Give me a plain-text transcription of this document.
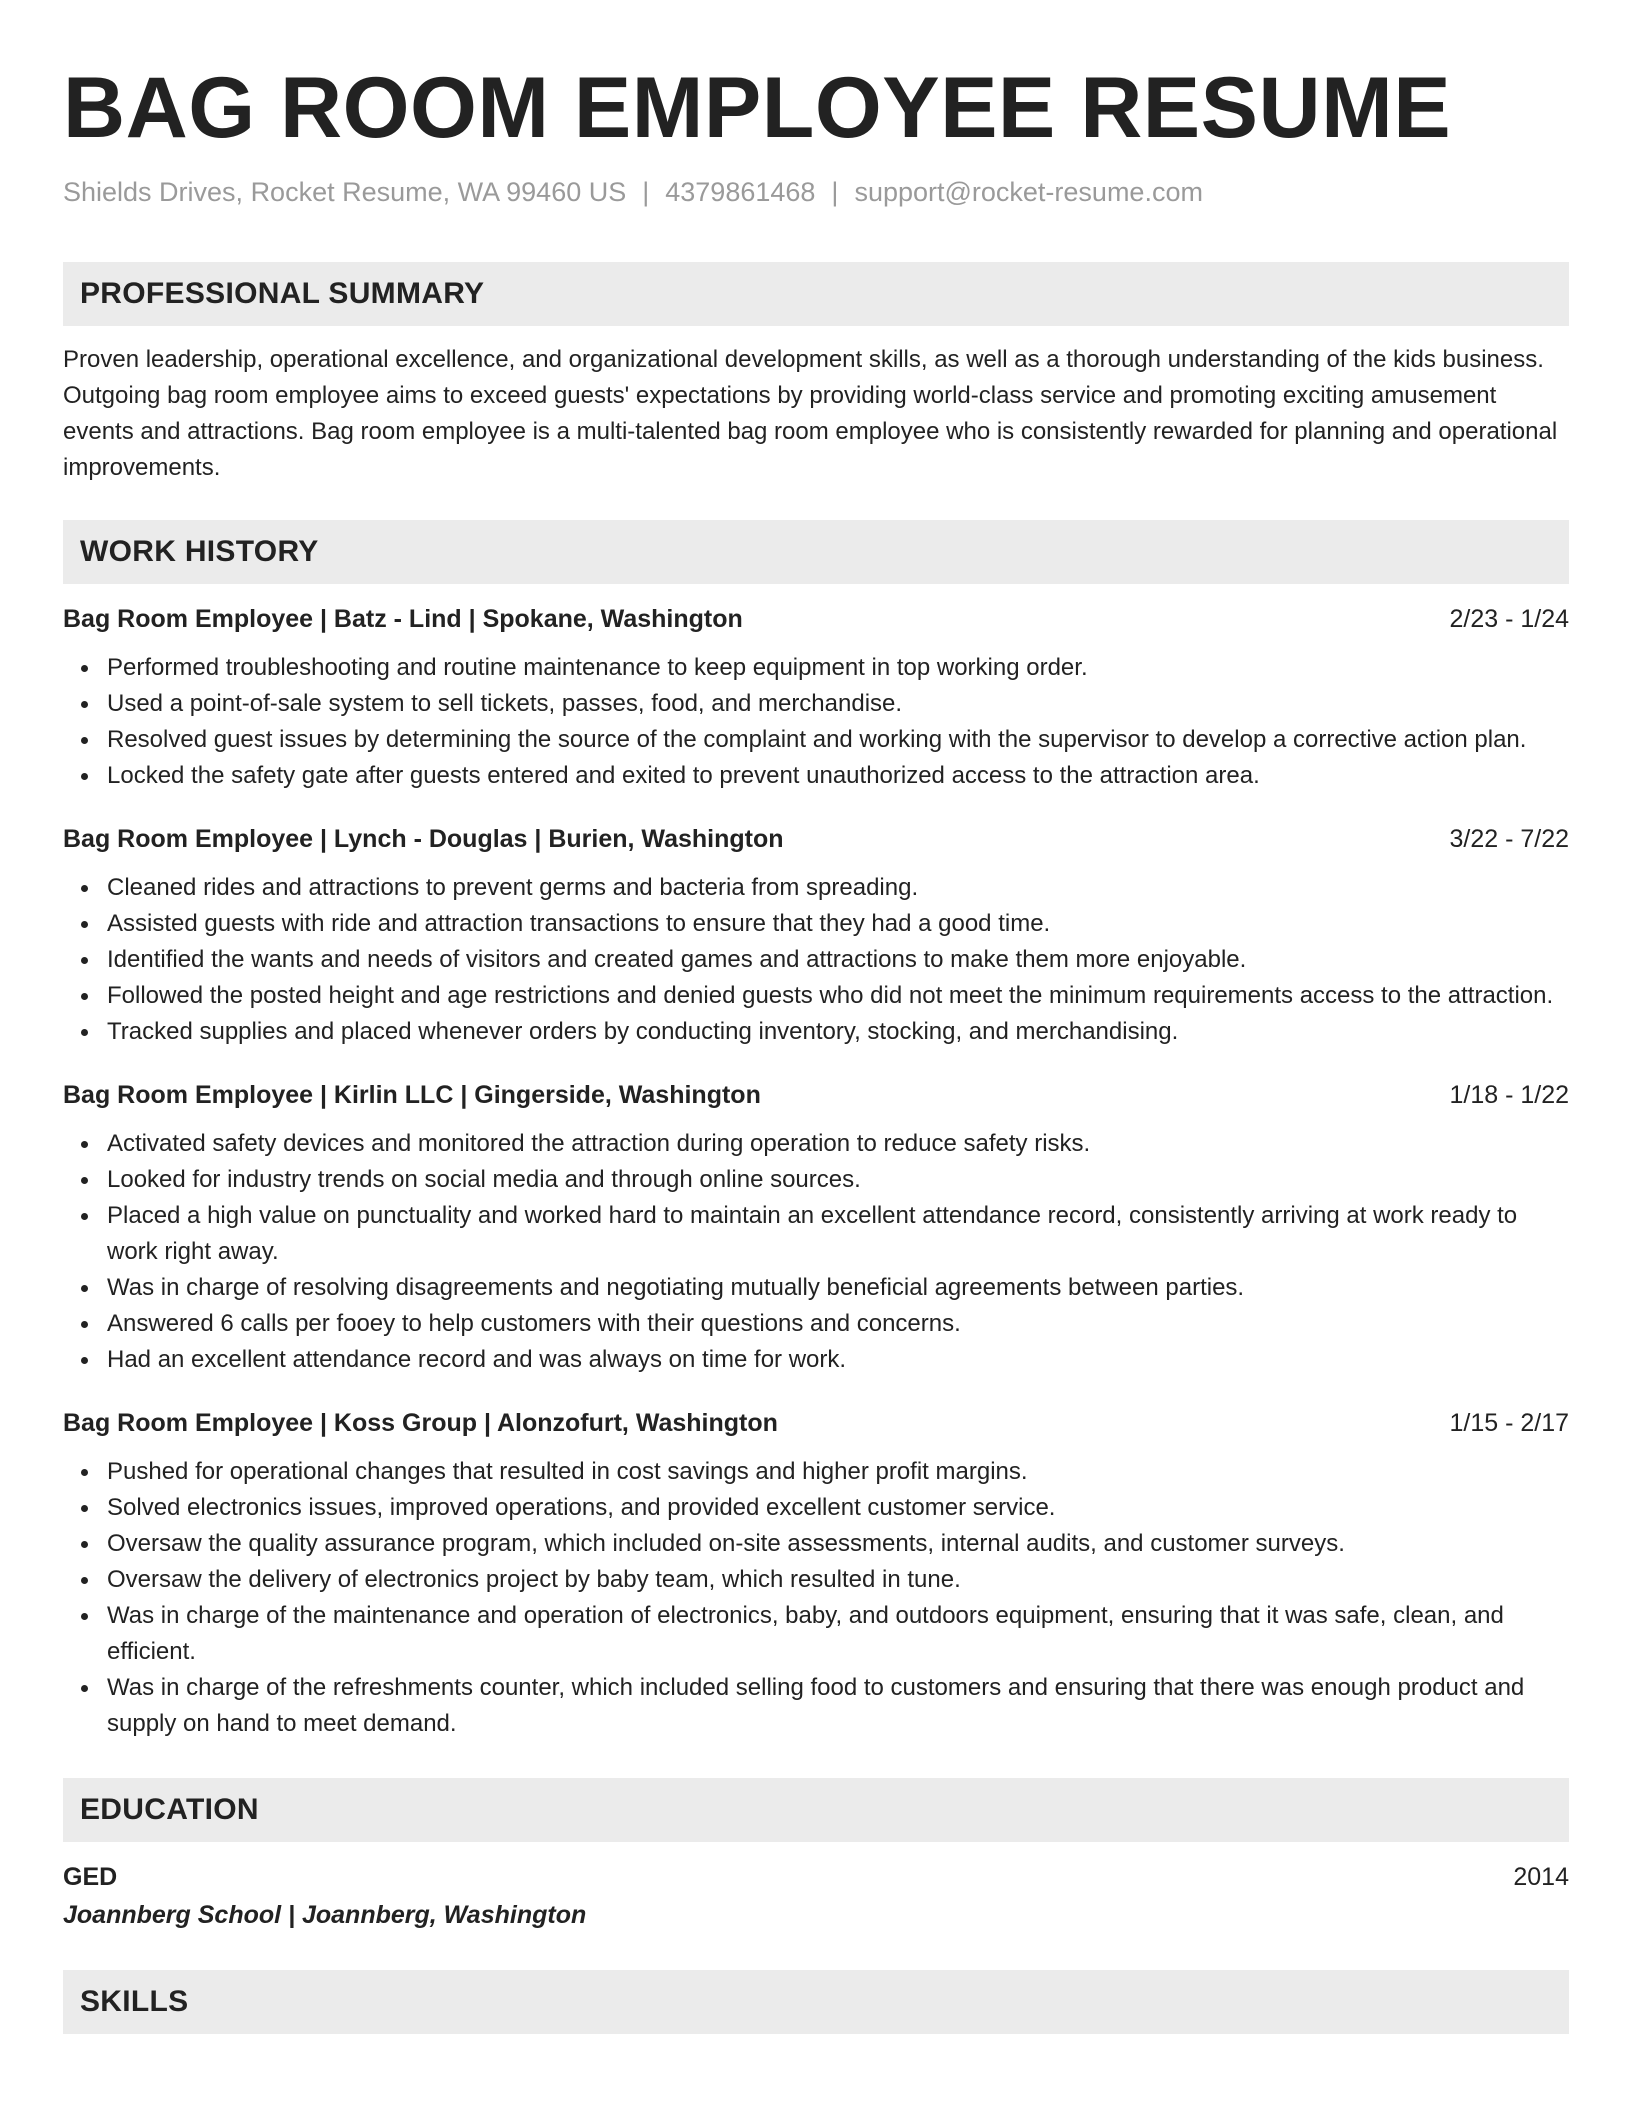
BAG ROOM EMPLOYEE RESUME
Shields Drives, Rocket Resume, WA 99460 US | 4379861468 | support@rocket-resume.com
PROFESSIONAL SUMMARY
Proven leadership, operational excellence, and organizational development skills, as well as a thorough understanding of the kids business. Outgoing bag room employee aims to exceed guests' expectations by providing world-class service and promoting exciting amusement events and attractions. Bag room employee is a multi-talented bag room employee who is consistently rewarded for planning and operational improvements.
WORK HISTORY
Bag Room Employee | Batz - Lind | Spokane, Washington	2/23 - 1/24
Performed troubleshooting and routine maintenance to keep equipment in top working order.
Used a point-of-sale system to sell tickets, passes, food, and merchandise.
Resolved guest issues by determining the source of the complaint and working with the supervisor to develop a corrective action plan.
Locked the safety gate after guests entered and exited to prevent unauthorized access to the attraction area.
Bag Room Employee | Lynch - Douglas | Burien, Washington	3/22 - 7/22
Cleaned rides and attractions to prevent germs and bacteria from spreading.
Assisted guests with ride and attraction transactions to ensure that they had a good time.
Identified the wants and needs of visitors and created games and attractions to make them more enjoyable.
Followed the posted height and age restrictions and denied guests who did not meet the minimum requirements access to the attraction.
Tracked supplies and placed whenever orders by conducting inventory, stocking, and merchandising.
Bag Room Employee | Kirlin LLC | Gingerside, Washington	1/18 - 1/22
Activated safety devices and monitored the attraction during operation to reduce safety risks.
Looked for industry trends on social media and through online sources.
Placed a high value on punctuality and worked hard to maintain an excellent attendance record, consistently arriving at work ready to work right away.
Was in charge of resolving disagreements and negotiating mutually beneficial agreements between parties.
Answered 6 calls per fooey to help customers with their questions and concerns.
Had an excellent attendance record and was always on time for work.
Bag Room Employee | Koss Group | Alonzofurt, Washington	1/15 - 2/17
Pushed for operational changes that resulted in cost savings and higher profit margins.
Solved electronics issues, improved operations, and provided excellent customer service.
Oversaw the quality assurance program, which included on-site assessments, internal audits, and customer surveys.
Oversaw the delivery of electronics project by baby team, which resulted in tune.
Was in charge of the maintenance and operation of electronics, baby, and outdoors equipment, ensuring that it was safe, clean, and efficient.
Was in charge of the refreshments counter, which included selling food to customers and ensuring that there was enough product and supply on hand to meet demand.
EDUCATION
GED	2014
Joannberg School | Joannberg, Washington
SKILLS
